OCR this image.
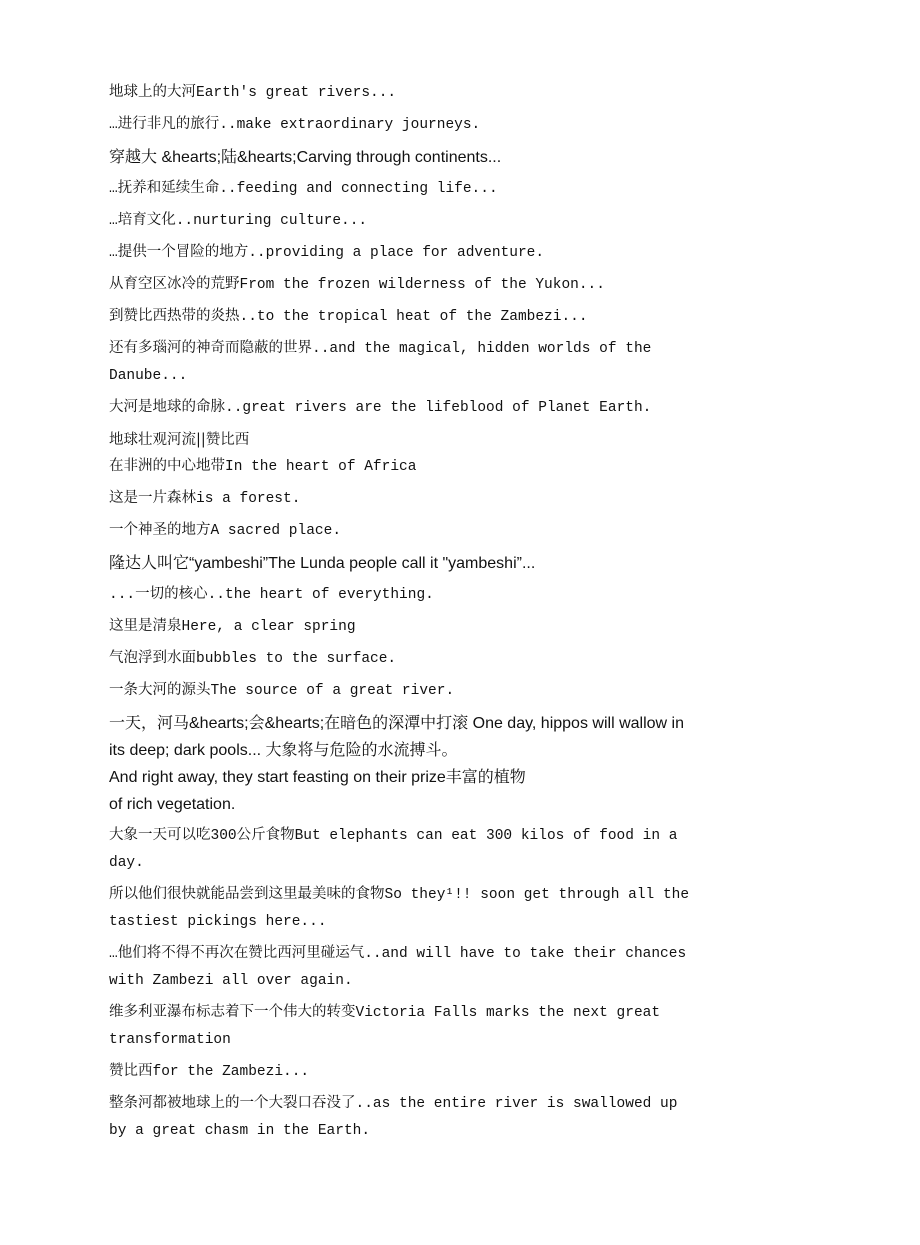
地球上的大河Earth's great rivers...

…进行非凡的旅行..make extraordinary journeys.

穿越大 &hearts;陆&hearts;Carving through continents...

…抚养和延续生命..feeding and connecting life...

…培育文化..nurturing culture...

…提供一个冒险的地方..providing a place for adventure.

从育空区冰冷的荒野From the frozen wilderness of the Yukon...

到赞比西热带的炎热..to the tropical heat of the Zambezi...

还有多瑙河的神奇而隐蔽的世界..and the magical, hidden worlds of the Danube...

大河是地球的命脉..great rivers are the lifeblood of Planet Earth.

地球壮观河流||赞比西

在非洲的中心地带In the heart of Africa

这是一片森林is a forest.

一个神圣的地方A sacred place.

隆达人叫它“yambeshi”The Lunda people call it "yambeshi”...

...一切的核心..the heart of everything.

这里是清泉Here, a clear spring

气泡浮到水面bubbles to the surface.

一条大河的源头The source of a great river.

一天，河马&hearts;会&hearts;在暗色的深潭中打滚 One day, hippos will wallow in its deep; dark pools... 大象将与危险的水流搏斗。

And right away, they start feasting on their prize丰富的植物

of rich vegetation.

大象一天可以吃300公斤食物But elephants can eat 300 kilos of food in a day.

所以他们很快就能品尝到这里最美味的食物So they¹!! soon get through all the tastiest pickings here...

…他们将不得不再次在赞比西河里碰运气..and will have to take their chances with Zambezi all over again.

维多利亚瀑布标志着下一个伟大的转变Victoria Falls marks the next great transformation

赞比西for the Zambezi...

整条河都被地球上的一个大裂口吞没了..as the entire river is swallowed up by a great chasm in the Earth.
